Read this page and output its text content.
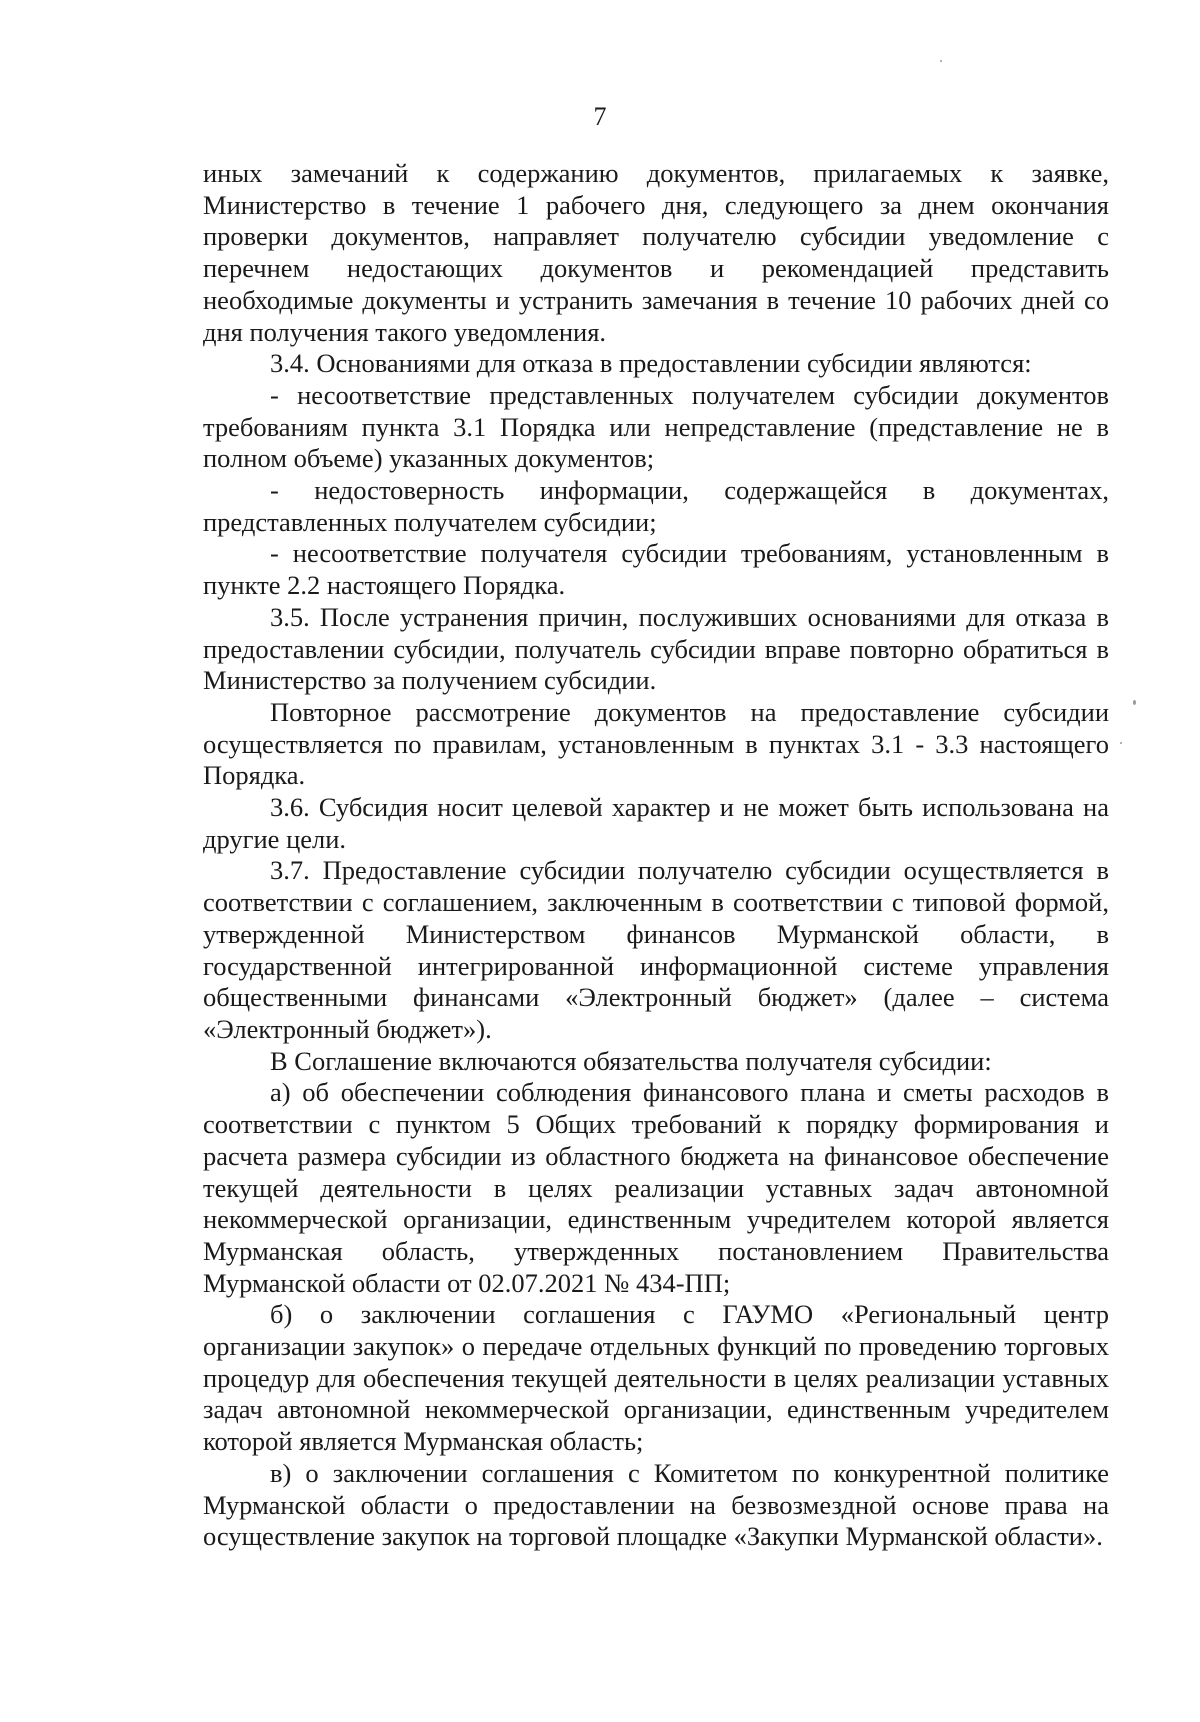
7

иных замечаний к содержанию документов, прилагаемых к заявке, Министерство в течение 1 рабочего дня, следующего за днем окончания проверки документов, направляет получателю субсидии уведомление с перечнем недостающих документов и рекомендацией представить необходимые документы и устранить замечания в течение 10 рабочих дней со дня получения такого уведомления.

3.4. Основаниями для отказа в предоставлении субсидии являются:

- несоответствие представленных получателем субсидии документов требованиям пункта 3.1 Порядка или непредставление (представление не в полном объеме) указанных документов;

- недостоверность информации, содержащейся в документах, представленных получателем субсидии;

- несоответствие получателя субсидии требованиям, установленным в пункте 2.2 настоящего Порядка.

3.5. После устранения причин, послуживших основаниями для отказа в предоставлении субсидии, получатель субсидии вправе повторно обратиться в Министерство за получением субсидии.

Повторное рассмотрение документов на предоставление субсидии осуществляется по правилам, установленным в пунктах 3.1 - 3.3 настоящего Порядка.

3.6. Субсидия носит целевой характер и не может быть использована на другие цели.

3.7. Предоставление субсидии получателю субсидии осуществляется в соответствии с соглашением, заключенным в соответствии с типовой формой, утвержденной Министерством финансов Мурманской области, в государственной интегрированной информационной системе управления общественными финансами «Электронный бюджет» (далее – система «Электронный бюджет»).

В Соглашение включаются обязательства получателя субсидии:

а) об обеспечении соблюдения финансового плана и сметы расходов в соответствии с пунктом 5 Общих требований к порядку формирования и расчета размера субсидии из областного бюджета на финансовое обеспечение текущей деятельности в целях реализации уставных задач автономной некоммерческой организации, единственным учредителем которой является Мурманская область, утвержденных постановлением Правительства Мурманской области от 02.07.2021 № 434-ПП;

б) о заключении соглашения с ГАУМО «Региональный центр организации закупок» о передаче отдельных функций по проведению торговых процедур для обеспечения текущей деятельности в целях реализации уставных задач автономной некоммерческой организации, единственным учредителем которой является Мурманская область;

в) о заключении соглашения с Комитетом по конкурентной политике Мурманской области о предоставлении на безвозмездной основе права на осуществление закупок на торговой площадке «Закупки Мурманской области».
